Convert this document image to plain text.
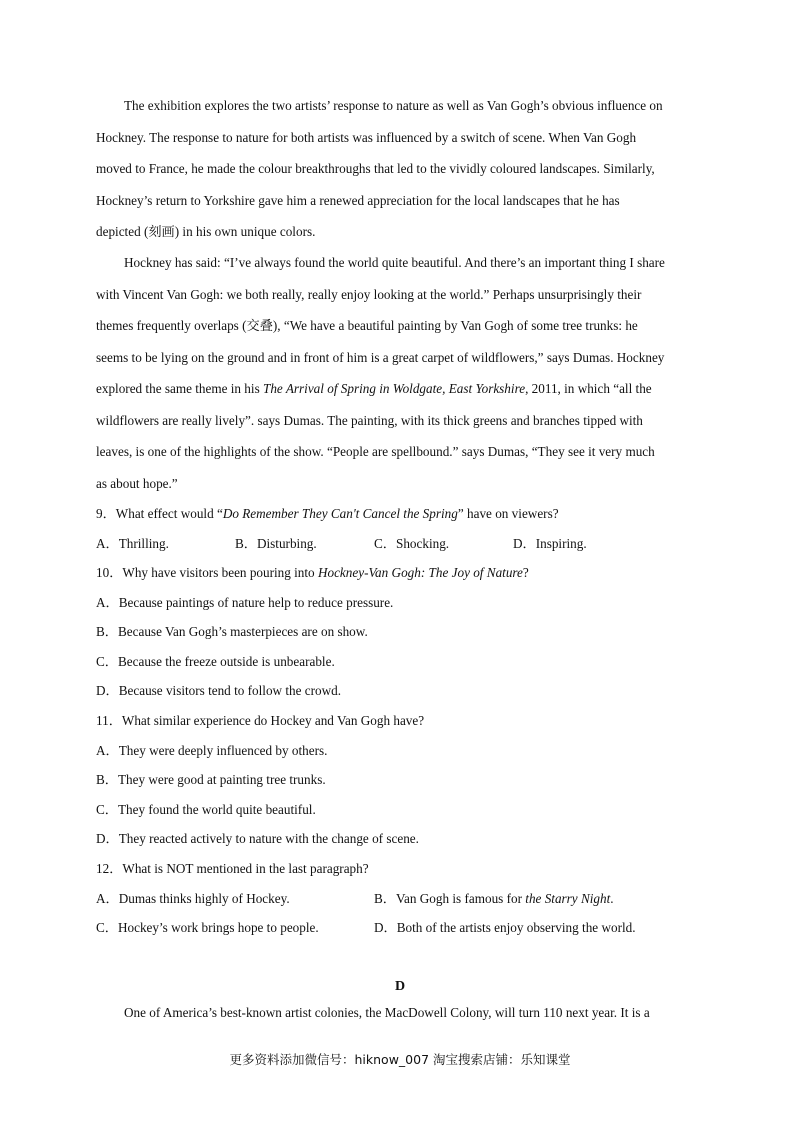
The exhibition explores the two artists’ response to nature as well as Van Gogh’s obvious influence on
Hockney. The response to nature for both artists was influenced by a switch of scene. When Van Gogh
moved to France, he made the colour breakthroughs that led to the vividly coloured landscapes. Similarly,
Hockney’s return to Yorkshire gave him a renewed appreciation for the local landscapes that he has
depicted (刻画) in his own unique colors.
Hockney has said: “I’ve always found the world quite beautiful. And there’s an important thing I share
with Vincent Van Gogh: we both really, really enjoy looking at the world.” Perhaps unsurprisingly their
themes frequently overlaps (交叠), “We have a beautiful painting by Van Gogh of some tree trunks: he
seems to be lying on the ground and in front of him is a great carpet of wildflowers,” says Dumas. Hockney
explored the same theme in his The Arrival of Spring in Woldgate, East Yorkshire, 2011, in which “all the
wildflowers are really lively”. says Dumas. The painting, with its thick greens and branches tipped with
leaves, is one of the highlights of the show. “People are spellbound.” says Dumas, “They see it very much
as about hope.”
9．What effect would “Do Remember They Can't Cancel the Spring” have on viewers?
A．Thrilling.	B．Disturbing.	C．Shocking.	D．Inspiring.
10．Why have visitors been pouring into Hockney-Van Gogh: The Joy of Nature?
A．Because paintings of nature help to reduce pressure.
B．Because Van Gogh’s masterpieces are on show.
C．Because the freeze outside is unbearable.
D．Because visitors tend to follow the crowd.
11．What similar experience do Hockey and Van Gogh have?
A．They were deeply influenced by others.
B．They were good at painting tree trunks.
C．They found the world quite beautiful.
D．They reacted actively to nature with the change of scene.
12．What is NOT mentioned in the last paragraph?
A．Dumas thinks highly of Hockey.	B．Van Gogh is famous for the Starry Night.
C．Hockey’s work brings hope to people.	D．Both of the artists enjoy observing the world.
D
One of America’s best-known artist colonies, the MacDowell Colony, will turn 110 next year. It is a
更多资料添加微信号：hiknow_007 淘宝搜索店铺：乐知课堂
